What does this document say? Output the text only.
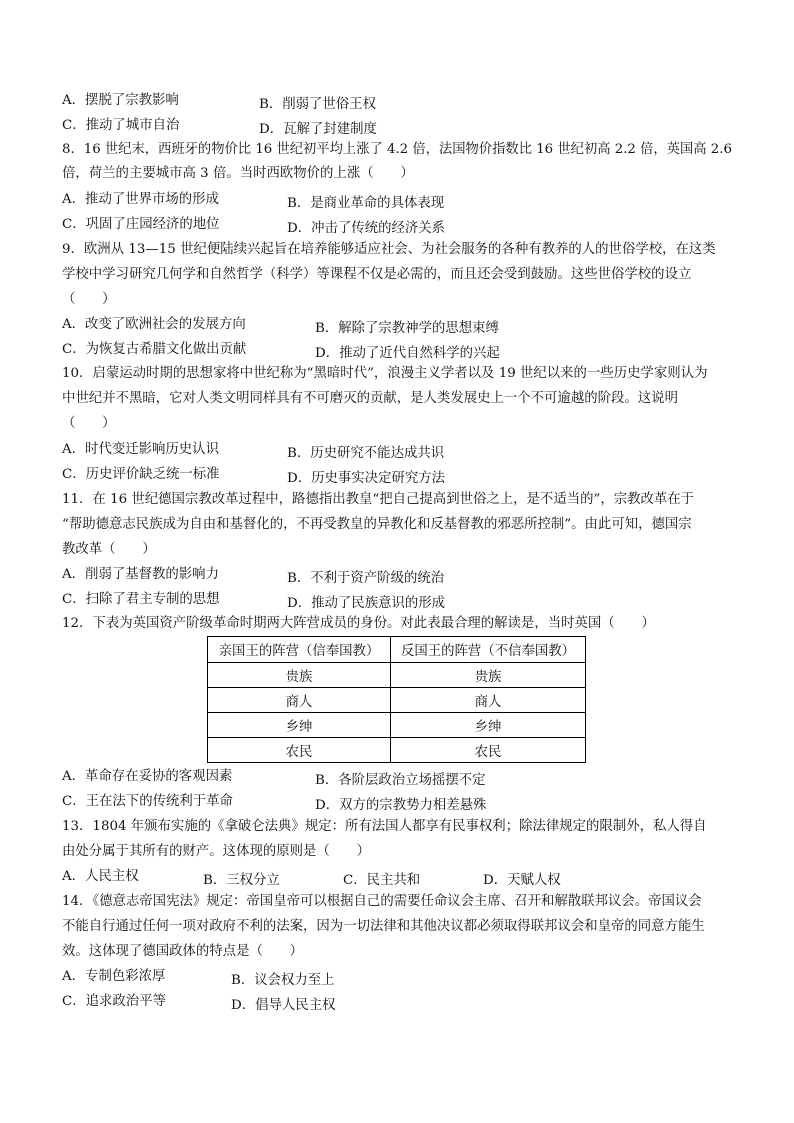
A．摆脱了宗教影响	B．削弱了世俗王权
C．推动了城市自治	D．瓦解了封建制度
8．16 世纪末，西班牙的物价比 16 世纪初平均上涨了 4.2 倍，法国物价指数比 16 世纪初高 2.2 倍，英国高 2.6
倍，荷兰的主要城市高 3 倍。当时西欧物价的上涨（　　）
A．推动了世界市场的形成	B．是商业革命的具体表现
C．巩固了庄园经济的地位	D．冲击了传统的经济关系
9．欧洲从 13—15 世纪便陆续兴起旨在培养能够适应社会、为社会服务的各种有教养的人的世俗学校，在这类
学校中学习研究几何学和自然哲学（科学）等课程不仅是必需的，而且还会受到鼓励。这些世俗学校的设立
（　　）
A．改变了欧洲社会的发展方向	B．解除了宗教神学的思想束缚
C．为恢复古希腊文化做出贡献	D．推动了近代自然科学的兴起
10．启蒙运动时期的思想家将中世纪称为“黑暗时代”，浪漫主义学者以及 19 世纪以来的一些历史学家则认为
中世纪并不黑暗，它对人类文明同样具有不可磨灭的贡献，是人类发展史上一个不可逾越的阶段。这说明
（　　）
A．时代变迁影响历史认识	B．历史研究不能达成共识
C．历史评价缺乏统一标准	D．历史事实决定研究方法
11．在 16 世纪德国宗教改革过程中，路德指出教皇“把自己提高到世俗之上，是不适当的”，宗教改革在于
“帮助德意志民族成为自由和基督化的，不再受教皇的异教化和反基督教的邪恶所控制”。由此可知，德国宗
教改革（　　）
A．削弱了基督教的影响力	B．不利于资产阶级的统治
C．扫除了君主专制的思想	D．推动了民族意识的形成
12．下表为英国资产阶级革命时期两大阵营成员的身份。对此表最合理的解读是，当时英国（　　）
亲国王的阵营（信奉国教）	反国王的阵营（不信奉国教）
贵族	贵族
商人	商人
乡绅	乡绅
农民	农民
A．革命存在妥协的客观因素	B．各阶层政治立场摇摆不定
C．王在法下的传统利于革命	D．双方的宗教势力相差悬殊
13．1804 年颁布实施的《拿破仑法典》规定：所有法国人都享有民事权利；除法律规定的限制外，私人得自
由处分属于其所有的财产。这体现的原则是（　　）
A．人民主权	B．三权分立	C．民主共和	D．天赋人权
14．《德意志帝国宪法》规定：帝国皇帝可以根据自己的需要任命议会主席、召开和解散联邦议会。帝国议会
不能自行通过任何一项对政府不利的法案，因为一切法律和其他决议都必须取得联邦议会和皇帝的同意方能生
效。这体现了德国政体的特点是（　　）
A．专制色彩浓厚	B．议会权力至上
C．追求政治平等	D．倡导人民主权
